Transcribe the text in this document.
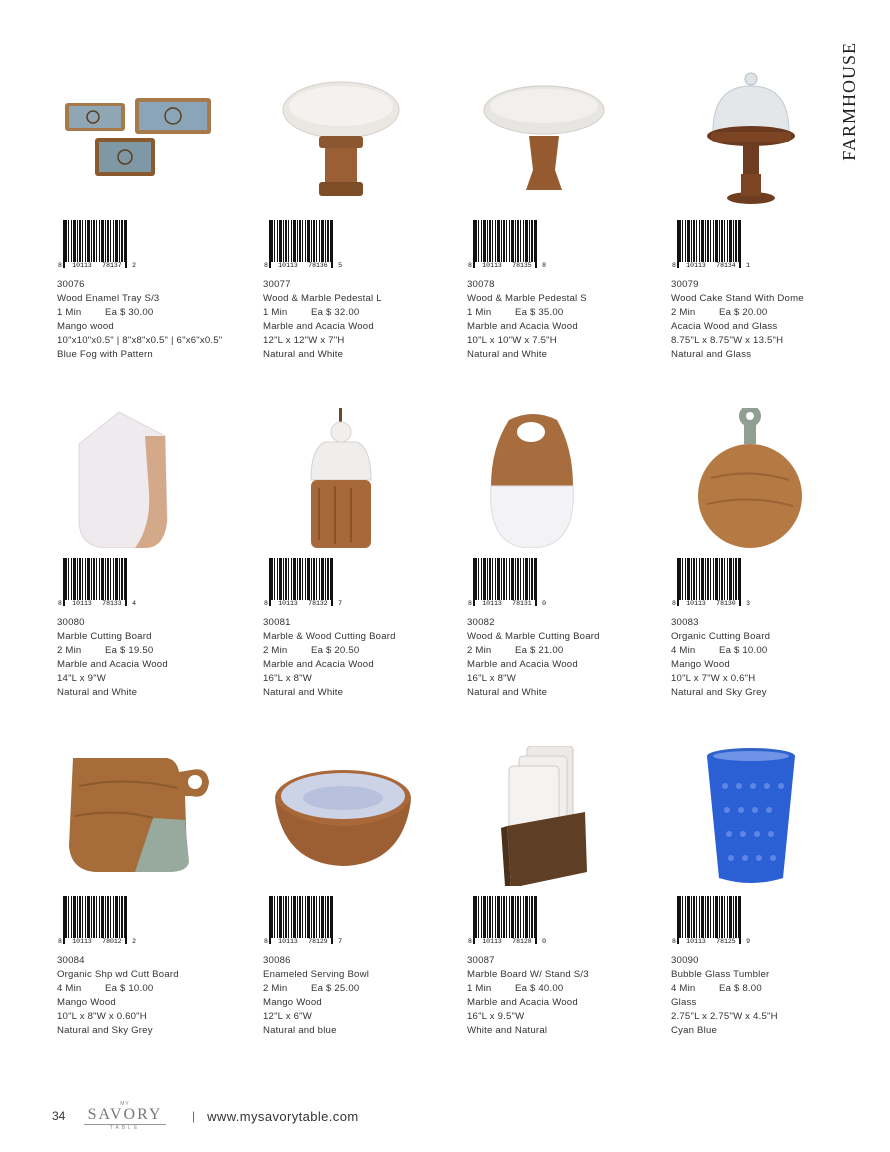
FARMHOUSE
8 10113 78137 2
30076
Wood Enamel Tray S/3
1 Min	Ea $ 30.00
Mango wood
10"x10"x0.5" | 8"x8"x0.5" | 6"x6"x0.5"
Blue Fog with Pattern
8 10113 78136 5
30077
Wood & Marble Pedestal L
1 Min	Ea $ 32.00
Marble and Acacia Wood
12"L x 12"W x 7"H
Natural and White
8 10113 78135 8
30078
Wood & Marble Pedestal S
1 Min	Ea $ 35.00
Marble and Acacia Wood
10"L x 10"W x 7.5"H
Natural and White
8 10113 78134 1
30079
Wood Cake Stand With Dome
2 Min	Ea $ 20.00
Acacia Wood and Glass
8.75"L x 8.75"W x 13.5"H
Natural and Glass
8 10113 78133 4
30080
Marble Cutting Board
2 Min	Ea $ 19.50
Marble and Acacia Wood
14"L x 9"W
Natural and White
8 10113 78132 7
30081
Marble & Wood Cutting Board
2 Min	Ea $ 20.50
Marble and Acacia Wood
16"L x 8"W
Natural and White
8 10113 78131 0
30082
Wood & Marble Cutting Board
2 Min	Ea $ 21.00
Marble and Acacia Wood
16"L x 8"W
Natural and White
8 10113 78130 3
30083
Organic Cutting Board
4 Min	Ea $ 10.00
Mango Wood
10"L x 7"W x 0.6"H
Natural and Sky Grey
8 10113 78012 2
30084
Organic Shp wd Cutt Board
4 Min	Ea $ 10.00
Mango Wood
10"L x 8"W x 0.60"H
Natural and Sky Grey
8 10113 78129 7
30086
Enameled Serving Bowl
2 Min	Ea $ 25.00
Mango Wood
12"L x 6"W
Natural and blue
8 10113 78128 0
30087
Marble Board W/ Stand S/3
1 Min	Ea $ 40.00
Marble and Acacia Wood
16"L x 9.5"W
White and Natural
8 10113 78125 9
30090
Bubble Glass Tumbler
4 Min	Ea $ 8.00
Glass
2.75"L x 2.75"W x 4.5"H
Cyan Blue
34
MY
SAVORY
TABLE
| www.mysavorytable.com
